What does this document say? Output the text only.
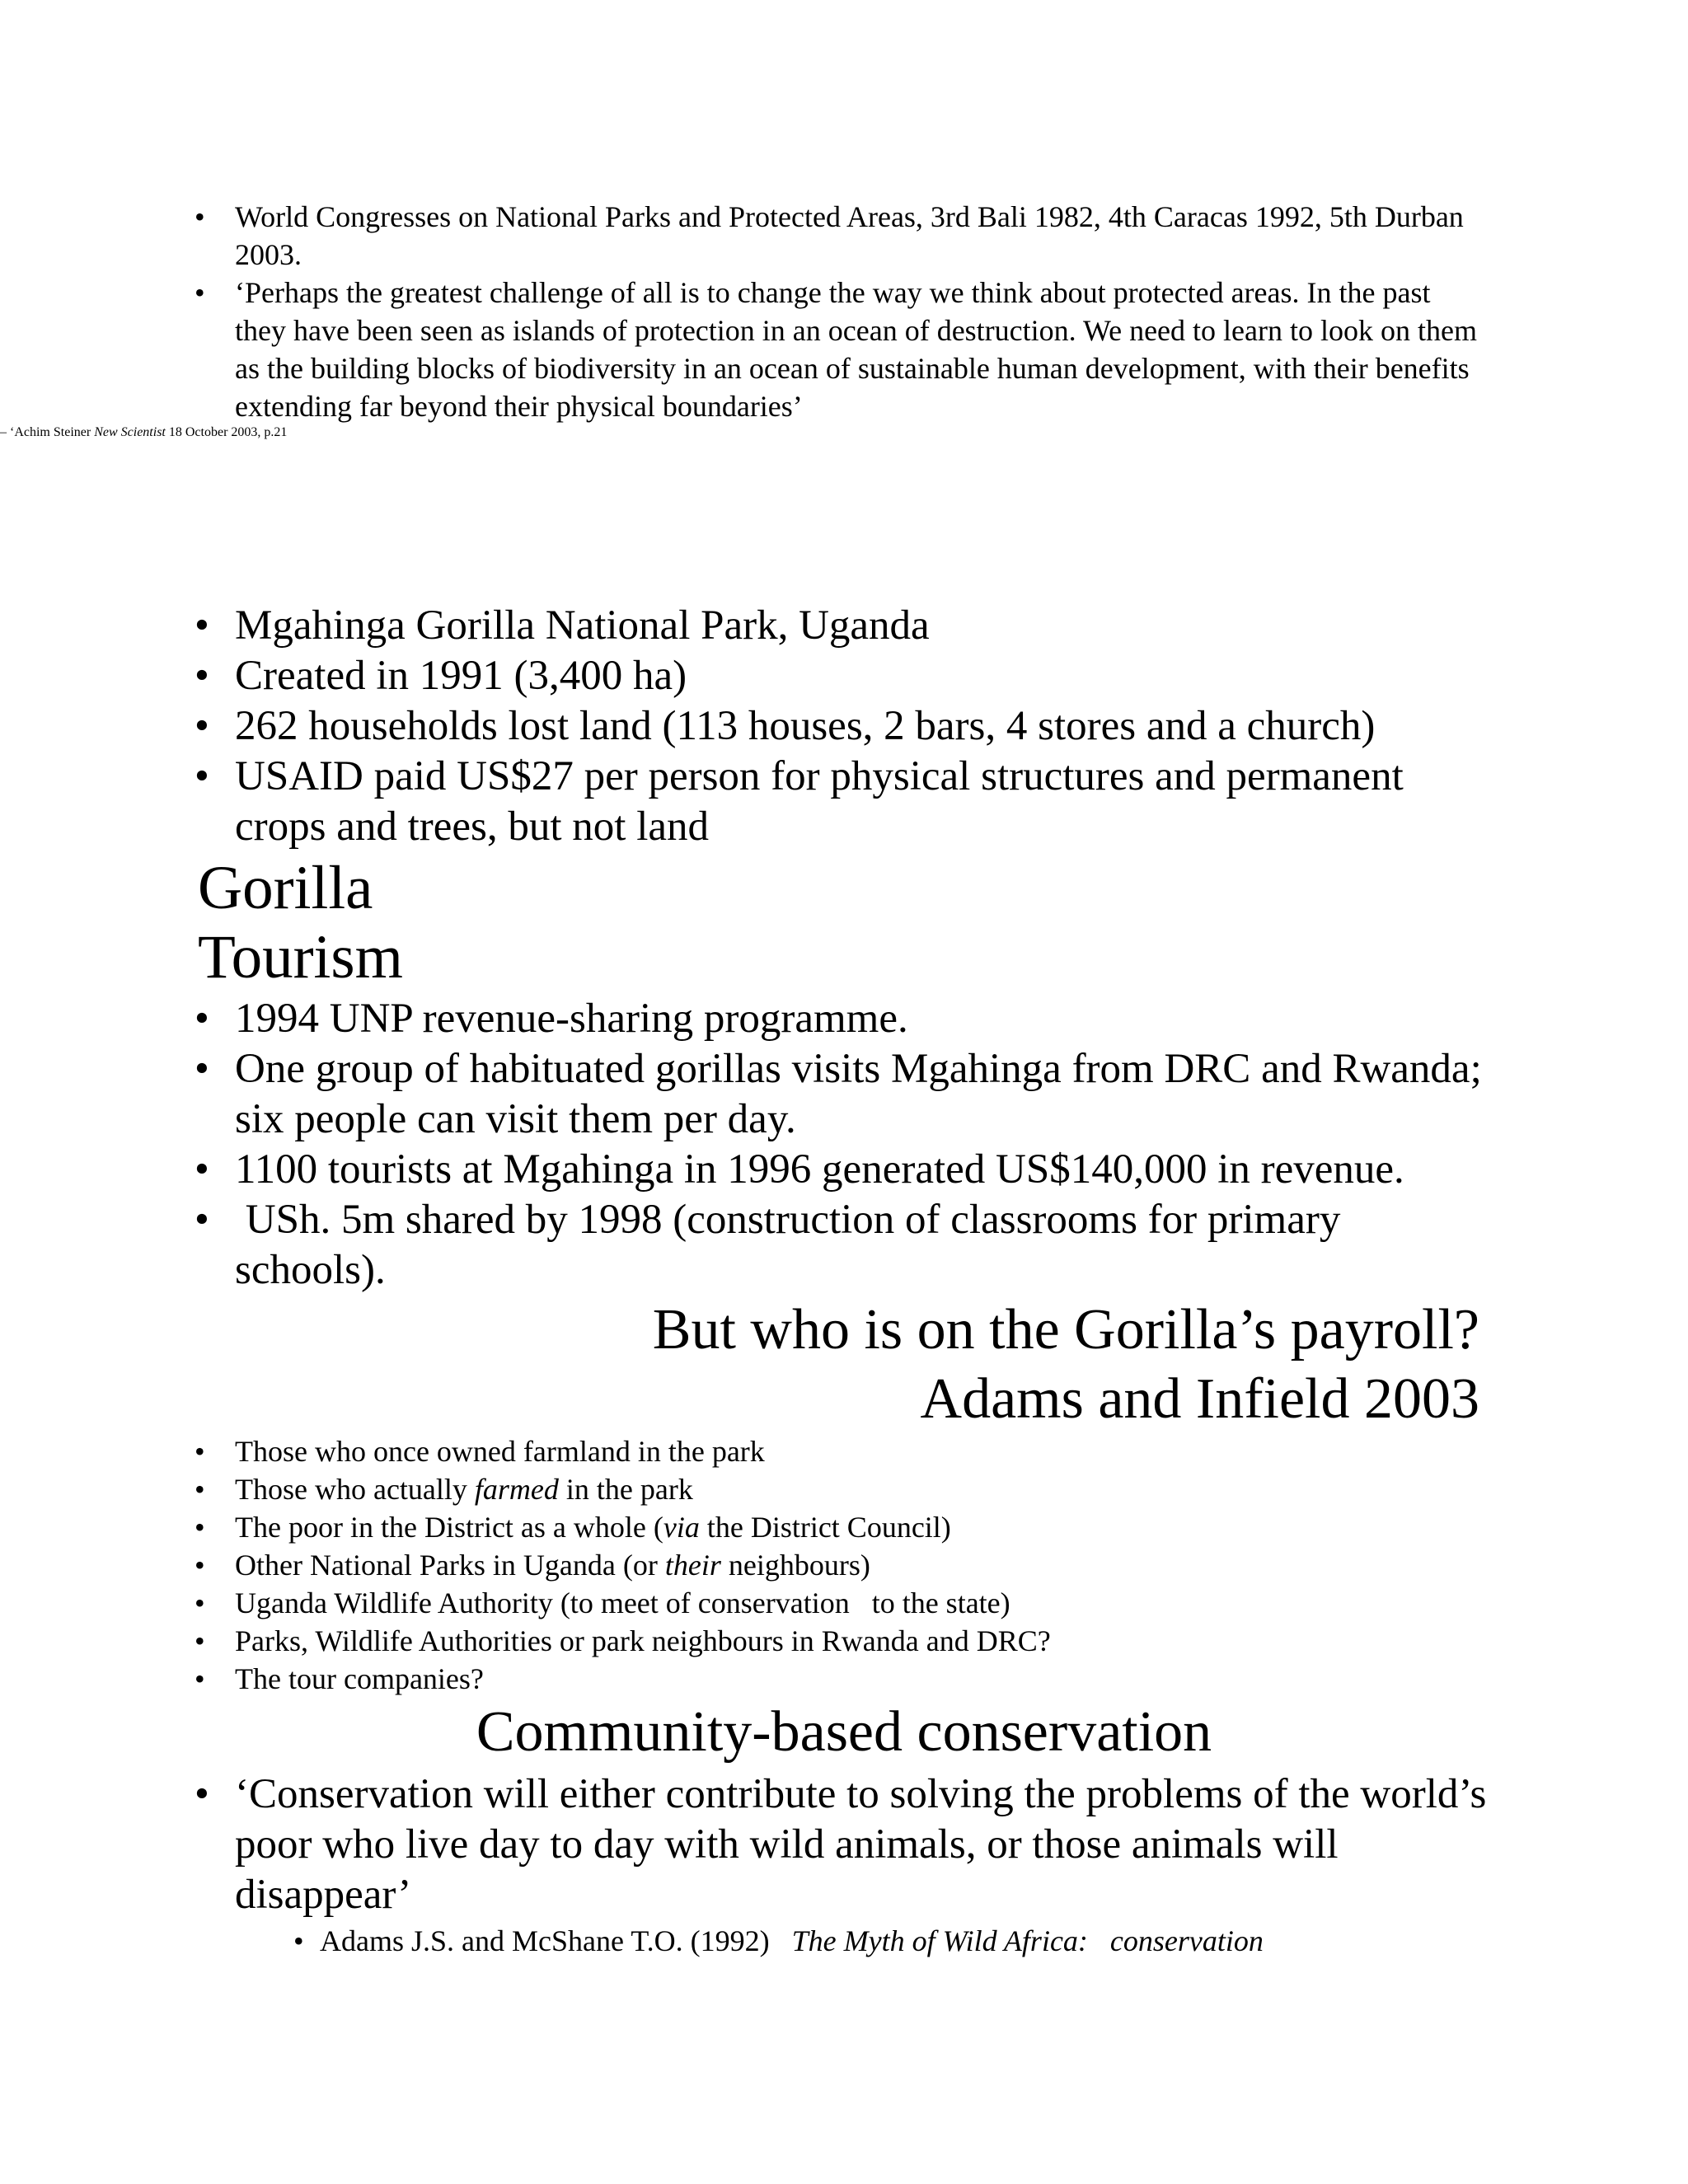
• World Congresses on National Parks and Protected Areas, 3rd Bali 1982, 4th Caracas 1992, 5th Durban 2003.
• ‘Perhaps the greatest challenge of all is to change the way we think about protected areas. In the past they have been seen as islands of protection in an ocean of destruction. We need to learn to look on them as the building blocks of biodiversity in an ocean of sustainable human development, with their benefits extending far beyond their physical boundaries’
– ‘Achim Steiner New Scientist 18 October 2003, p.21
• Mgahinga Gorilla National Park, Uganda
• Created in 1991 (3,400 ha)
• 262 households lost land (113 houses, 2 bars, 4 stores and a church)
• USAID paid US$27 per person for physical structures and permanent crops and trees, but not land
Gorilla
Tourism
• 1994 UNP revenue-sharing programme.
• One group of habituated gorillas visits Mgahinga from DRC and Rwanda; six people can visit them per day.
• 1100 tourists at Mgahinga in 1996 generated US$140,000 in revenue.
• USh. 5m shared by 1998 (construction of classrooms for primary schools).
But who is on the Gorilla’s payroll?
Adams and Infield 2003
• Those who once owned farmland in the park
• Those who actually farmed in the park
• The poor in the District as a whole (via the District Council)
• Other National Parks in Uganda (or their neighbours)
• Uganda Wildlife Authority (to meet of conservation   to the state)
• Parks, Wildlife Authorities or park neighbours in Rwanda and DRC?
• The tour companies?
Community-based conservation
• ‘Conservation will either contribute to solving the problems of the world’s poor who live day to day with wild animals, or those animals will disappear’
• Adams J.S. and McShane T.O. (1992)   The Myth of Wild Africa:   conservation
